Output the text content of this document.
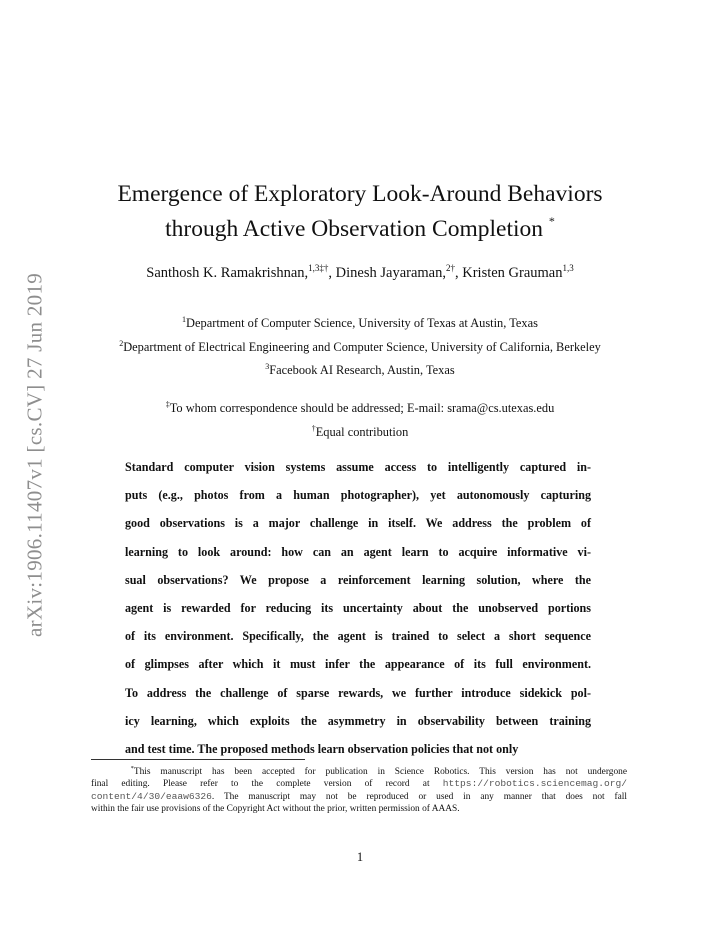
arXiv:1906.11407v1 [cs.CV] 27 Jun 2019
Emergence of Exploratory Look-Around Behaviors
through Active Observation Completion *
Santhosh K. Ramakrishnan,$^{1,3\ddagger\dagger}$, Dinesh Jayaraman,$^{2\dagger}$, Kristen Grauman$^{1,3}$
$^1$Department of Computer Science, University of Texas at Austin, Texas
$^2$Department of Electrical Engineering and Computer Science, University of California, Berkeley
$^3$Facebook AI Research, Austin, Texas
‡To whom correspondence should be addressed; E-mail: srama@cs.utexas.edu
†Equal contribution
Standard computer vision systems assume access to intelligently captured in-
puts (e.g., photos from a human photographer), yet autonomously capturing
good observations is a major challenge in itself. We address the problem of
learning to look around: how can an agent learn to acquire informative vi-
sual observations? We propose a reinforcement learning solution, where the
agent is rewarded for reducing its uncertainty about the unobserved portions
of its environment. Specifically, the agent is trained to select a short sequence
of glimpses after which it must infer the appearance of its full environment.
To address the challenge of sparse rewards, we further introduce sidekick pol-
icy learning, which exploits the asymmetry in observability between training
and test time. The proposed methods learn observation policies that not only
*This manuscript has been accepted for publication in Science Robotics. This version has not undergone
final editing. Please refer to the complete version of record at https://robotics.sciencemag.org/
content/4/30/eaaw6326. The manuscript may not be reproduced or used in any manner that does not fall
within the fair use provisions of the Copyright Act without the prior, written permission of AAAS.
1
